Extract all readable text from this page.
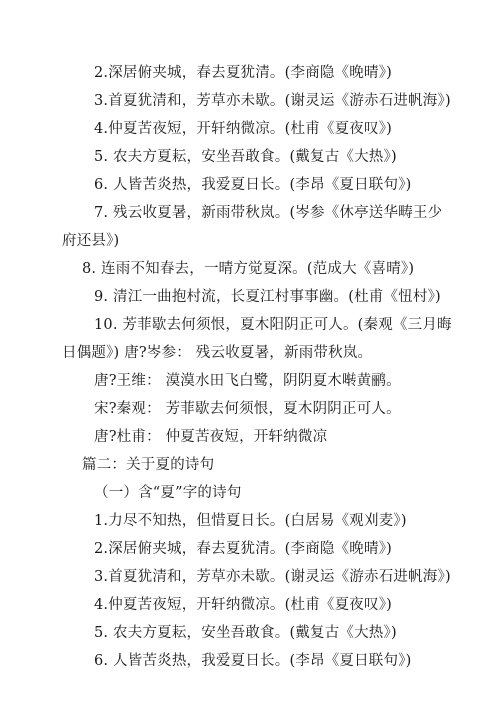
2.深居俯夹城，春去夏犹清。(李商隐《晚晴》)
3.首夏犹清和，芳草亦未歇。(谢灵运《游赤石进帆海》)
4.仲夏苦夜短，开轩纳微凉。(杜甫《夏夜叹》)
5. 农夫方夏耘，安坐吾敢食。(戴复古《大热》)
6. 人皆苦炎热，我爱夏日长。(李昂《夏日联句》)
7. 残云收夏暑，新雨带秋岚。(岑参《休亭送华畴王少
府还县》)
8. 连雨不知春去，一晴方觉夏深。(范成大《喜晴》)
9. 清江一曲抱村流，长夏江村事事幽。(杜甫《忸村》)
10. 芳菲歇去何须恨，夏木阳阴正可人。(秦观《三月晦
日偶题》) 唐?岑参： 残云收夏暑，新雨带秋岚。
唐?王维： 漠漠水田飞白鹭，阴阴夏木啭黄鹂。
宋?秦观： 芳菲歇去何须恨，夏木阴阴正可人。
唐?杜甫： 仲夏苦夜短，开轩纳微凉
篇二：关于夏的诗句
（一）含“夏”字的诗句
1.力尽不知热，但惜夏日长。(白居易《观刈麦》)
2.深居俯夹城，春去夏犹清。(李商隐《晚晴》)
3.首夏犹清和，芳草亦未歇。(谢灵运《游赤石进帆海》)
4.仲夏苦夜短，开轩纳微凉。(杜甫《夏夜叹》)
5. 农夫方夏耘，安坐吾敢食。(戴复古《大热》)
6. 人皆苦炎热，我爱夏日长。(李昂《夏日联句》)
